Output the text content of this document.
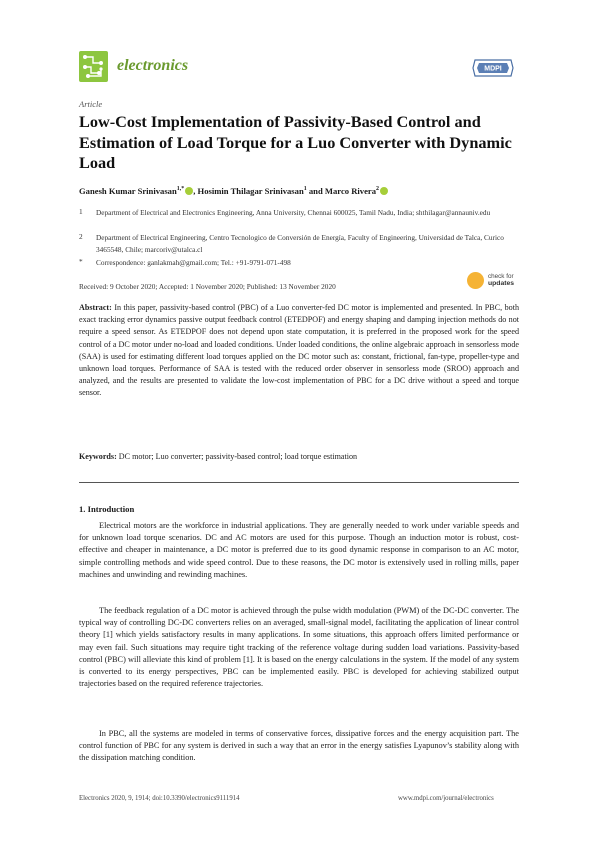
electronics	MDPI
Article
Low-Cost Implementation of Passivity-Based Control and Estimation of Load Torque for a Luo Converter with Dynamic Load
Ganesh Kumar Srinivasan$^{1,*}$ , Hosimin Thilagar Srinivasan$^1$ and Marco Rivera$^2$
1 Department of Electrical and Electronics Engineering, Anna University, Chennai 600025, Tamil Nadu, India; shthilagar@annauniv.edu
2 Department of Electrical Engineering, Centro Tecnologico de Conversión de Energía, Faculty of Engineering, Universidad de Talca, Curico 3465548, Chile; marcoriv@utalca.cl
* Correspondence: ganlakmah@gmail.com; Tel.: +91-9791-071-498
check for
updates
Received: 9 October 2020; Accepted: 1 November 2020; Published: 13 November 2020
Abstract: In this paper, passivity-based control (PBC) of a Luo converter-fed DC motor is implemented and presented. In PBC, both exact tracking error dynamics passive output feedback control (ETEDPOF) and energy shaping and damping injection methods do not require a speed sensor. As ETEDPOF does not depend upon state computation, it is preferred in the proposed work for the speed control of a DC motor under no-load and loaded conditions. Under loaded conditions, the online algebraic approach in sensorless mode (SAA) is used for estimating different load torques applied on the DC motor such as: constant, frictional, fan-type, propeller-type and unknown load torques. Performance of SAA is tested with the reduced order observer in sensorless mode (SROO) approach and analyzed, and the results are presented to validate the low-cost implementation of PBC for a DC drive without a speed and torque sensor.
Keywords: DC motor; Luo converter; passivity-based control; load torque estimation
1. Introduction
Electrical motors are the workforce in industrial applications. They are generally needed to work under variable speeds and for unknown load torque scenarios. DC and AC motors are used for this purpose. Though an induction motor is robust, cost-effective and cheaper in maintenance, a DC motor is preferred due to its good dynamic response in comparison to an AC motor, simple controlling methods and wide speed control. Due to these reasons, the DC motor is extensively used in rolling mills, paper machines and unwinding and rewinding machines.
The feedback regulation of a DC motor is achieved through the pulse width modulation (PWM) of the DC-DC converter. The typical way of controlling DC-DC converters relies on an averaged, small-signal model, facilitating the application of linear control theory [1] which yields satisfactory results in many applications. In some situations, this approach offers limited performance or may even fail. Such situations may require tight tracking of the reference voltage during sudden load variations. Passivity-based control (PBC) will alleviate this kind of problem [1]. It is based on the energy calculations in the system. If the model of any system is converted to its energy perspectives, PBC can be implemented easily. PBC is developed for achieving stabilized output trajectories based on the required reference trajectories.
In PBC, all the systems are modeled in terms of conservative forces, dissipative forces and the energy acquisition part. The control function of PBC for any system is derived in such a way that an error in the energy satisfies Lyapunov’s stability along with the dissipation matching condition.
Electronics 2020, 9, 1914; doi:10.3390/electronics9111914	www.mdpi.com/journal/electronics
